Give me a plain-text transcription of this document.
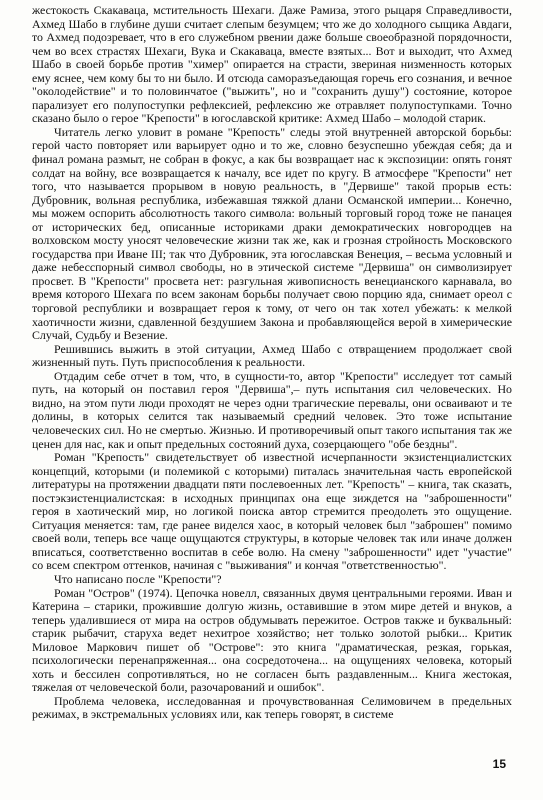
жестокость Скакаваца, мстительность Шехаги. Даже Рамиза, этого рыцаря Справедливости, Ахмед Шабо в глубине души считает слепым безумцем; что же до холодного сыщика Авдаги, то Ахмед подозревает, что в его служебном рвении даже больше своеобразной порядочности, чем во всех страстях Шехаги, Вука и Скакаваца, вместе взятых... Вот и выходит, что Ахмед Шабо в своей борьбе против "химер" опирается на страсти, звериная низменность которых ему яснее, чем кому бы то ни было. И отсюда саморазъедающая горечь его сознания, и вечное "околодействие" и то половинчатое ("выжить", но и "сохранить душу") состояние, которое парализует его полупоступки рефлексией, рефлексию же отравляет полупоступками. Точно сказано было о герое "Крепости" в югославской критике: Ахмед Шабо – молодой старик.

Читатель легко уловит в романе "Крепость" следы этой внутренней авторской борьбы: герой часто повторяет или варьирует одно и то же, словно безуспешно убеждая себя; да и финал романа размыт, не собран в фокус, а как бы возвращает нас к экспозиции: опять гонят солдат на войну, все возвращается к началу, все идет по кругу. В атмосфере "Крепости" нет того, что называется прорывом в новую реальность, в "Дервише" такой прорыв есть: Дубровник, вольная республика, избежавшая тяжкой длани Османской империи... Конечно, мы можем оспорить абсолютность такого символа: вольный торговый город тоже не панацея от исторических бед, описанные историками драки демократических новгородцев на волховском мосту уносят человеческие жизни так же, как и грозная стройность Московского государства при Иване III; так что Дубровник, эта югославская Венеция, – весьма условный и даже небесспорный символ свободы, но в этической системе "Дервиша" он символизирует просвет. В "Крепости" просвета нет: разгульная живописность венецианского карнавала, во время которого Шехага по всем законам борьбы получает свою порцию яда, снимает ореол с торговой республики и возвращает героя к тому, от чего он так хотел убежать: к мелкой хаотичности жизни, сдавленной бездушием Закона и пробавляющейся верой в химерические Случай, Судьбу и Везение.

Решившись выжить в этой ситуации, Ахмед Шабо с отвращением продолжает свой жизненный путь. Путь приспособления к реальности.

Отдадим себе отчет в том, что, в сущности-то, автор "Крепости" исследует тот самый путь, на который он поставил героя "Дервиша",– путь испытания сил человеческих. Но видно, на этом пути люди проходят не через одни трагические перевалы, они осваивают и те долины, в которых селится так называемый средний человек. Это тоже испытание человеческих сил. Но не смертью. Жизнью. И противоречивый опыт такого испытания так же ценен для нас, как и опыт предельных состояний духа, созерцающего "обе бездны".

Роман "Крепость" свидетельствует об известной исчерпанности экзистенциалистских концепций, которыми (и полемикой с которыми) питалась значительная часть европейской литературы на протяжении двадцати пяти послевоенных лет. "Крепость" – книга, так сказать, постэкзистенциалистская: в исходных принципах она еще зиждется на "заброшенности" героя в хаотический мир, но логикой поиска автор стремится преодолеть это ощущение. Ситуация меняется: там, где ранее виделся хаос, в который человек был "заброшен" помимо своей воли, теперь все чаще ощущаются структуры, в которые человек так или иначе должен вписаться, соответственно воспитав в себе волю. На смену "заброшенности" идет "участие" со всем спектром оттенков, начиная с "выживания" и кончая "ответственностью".

Что написано после "Крепости"?

Роман "Остров" (1974). Цепочка новелл, связанных двумя центральными героями. Иван и Катерина – старики, прожившие долгую жизнь, оставившие в этом мире детей и внуков, а теперь удалившиеся от мира на остров обдумывать пережитое. Остров также и буквальный: старик рыбачит, старуха ведет нехитрое хозяйство; нет только золотой рыбки... Критик Миловое Маркович пишет об "Острове": это книга "драматическая, резкая, горькая, психологически перенапряженная... она сосредоточена... на ощущениях человека, который хоть и бессилен сопротивляться, но не согласен быть раздавленным... Книга жестокая, тяжелая от человеческой боли, разочарований и ошибок".

Проблема человека, исследованная и прочувствованная Селимовичем в предельных режимах, в экстремальных условиях или, как теперь говорят, в системе

15
